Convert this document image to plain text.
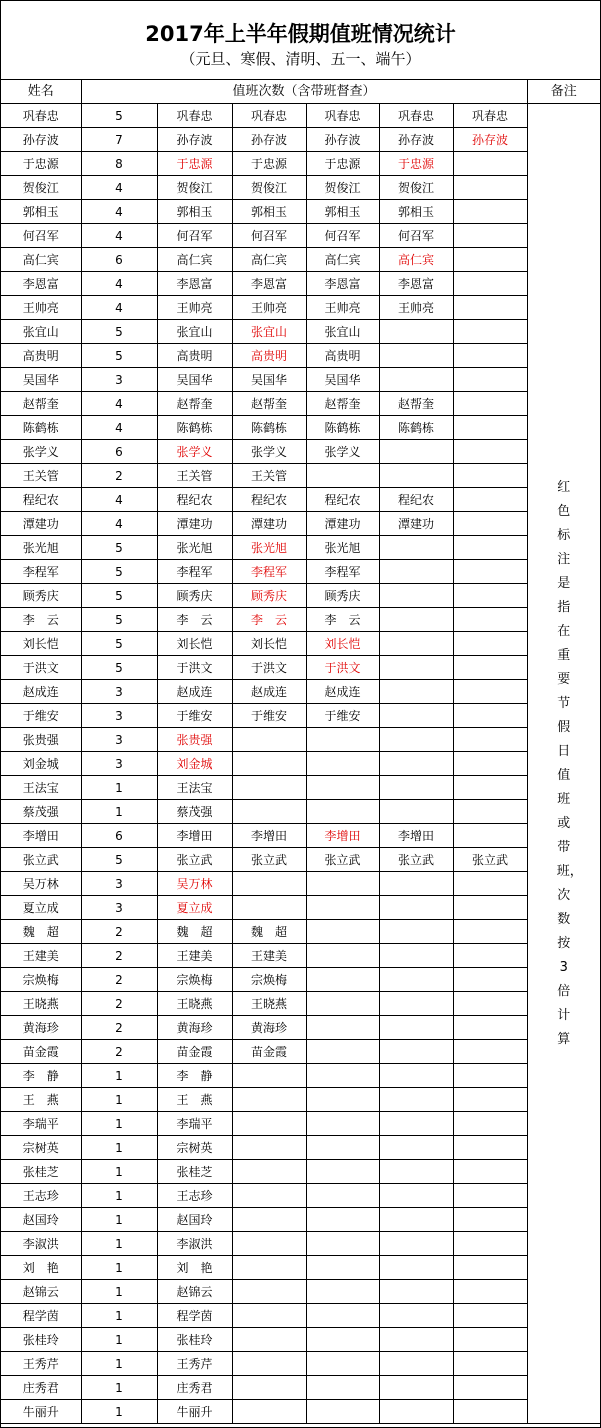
2017年上半年假期值班情况统计
（元旦、寒假、清明、五一、端午）
姓名	值班次数（含带班督查）						备注
巩春忠	5	巩春忠	巩春忠	巩春忠	巩春忠	巩春忠	红色标注是指在重要节假日值班或带班，次数按3倍计算
孙存波	7	孙存波	孙存波	孙存波	孙存波	孙存波	
于忠源	8	于忠源	于忠源	于忠源	于忠源		
贺俊江	4	贺俊江	贺俊江	贺俊江	贺俊江		
郭相玉	4	郭相玉	郭相玉	郭相玉	郭相玉		
何召军	4	何召军	何召军	何召军	何召军		
高仁宾	6	高仁宾	高仁宾	高仁宾	高仁宾		
李恩富	4	李恩富	李恩富	李恩富	李恩富		
王帅亮	4	王帅亮	王帅亮	王帅亮	王帅亮		
张宜山	5	张宜山	张宜山	张宜山			
高贵明	5	高贵明	高贵明	高贵明			
吴国华	3	吴国华	吴国华	吴国华			
赵帮奎	4	赵帮奎	赵帮奎	赵帮奎	赵帮奎		
陈鹤栋	4	陈鹤栋	陈鹤栋	陈鹤栋	陈鹤栋		
张学义	6	张学义	张学义	张学义			
王关管	2	王关管	王关管				
程纪农	4	程纪农	程纪农	程纪农	程纪农		
潭建功	4	潭建功	潭建功	潭建功	潭建功		
张光旭	5	张光旭	张光旭	张光旭			
李程军	5	李程军	李程军	李程军			
顾秀庆	5	顾秀庆	顾秀庆	顾秀庆			
李　云	5	李　云	李　云	李　云			
刘长恺	5	刘长恺	刘长恺	刘长恺			
于洪文	5	于洪文	于洪文	于洪文			
赵成连	3	赵成连	赵成连	赵成连			
于维安	3	于维安	于维安	于维安			
张贵强	3	张贵强					
刘金城	3	刘金城					
王法宝	1	王法宝					
蔡茂强	1	蔡茂强					
李增田	6	李增田	李增田	李增田	李增田		
张立武	5	张立武	张立武	张立武	张立武	张立武	
吴万林	3	吴万林					
夏立成	3	夏立成					
魏　超	2	魏　超	魏　超				
王建美	2	王建美	王建美				
宗焕梅	2	宗焕梅	宗焕梅				
王晓燕	2	王晓燕	王晓燕				
黄海珍	2	黄海珍	黄海珍				
苗金霞	2	苗金霞	苗金霞				
李　静	1	李　静					
王　燕	1	王　燕					
李瑞平	1	李瑞平					
宗树英	1	宗树英					
张桂芝	1	张桂芝					
王志珍	1	王志珍					
赵国玲	1	赵国玲					
李淑洪	1	李淑洪					
刘　艳	1	刘　艳					
赵锦云	1	赵锦云					
程学茵	1	程学茵					
张桂玲	1	张桂玲					
王秀芹	1	王秀芹					
庄秀君	1	庄秀君					
牛丽升	1	牛丽升					
